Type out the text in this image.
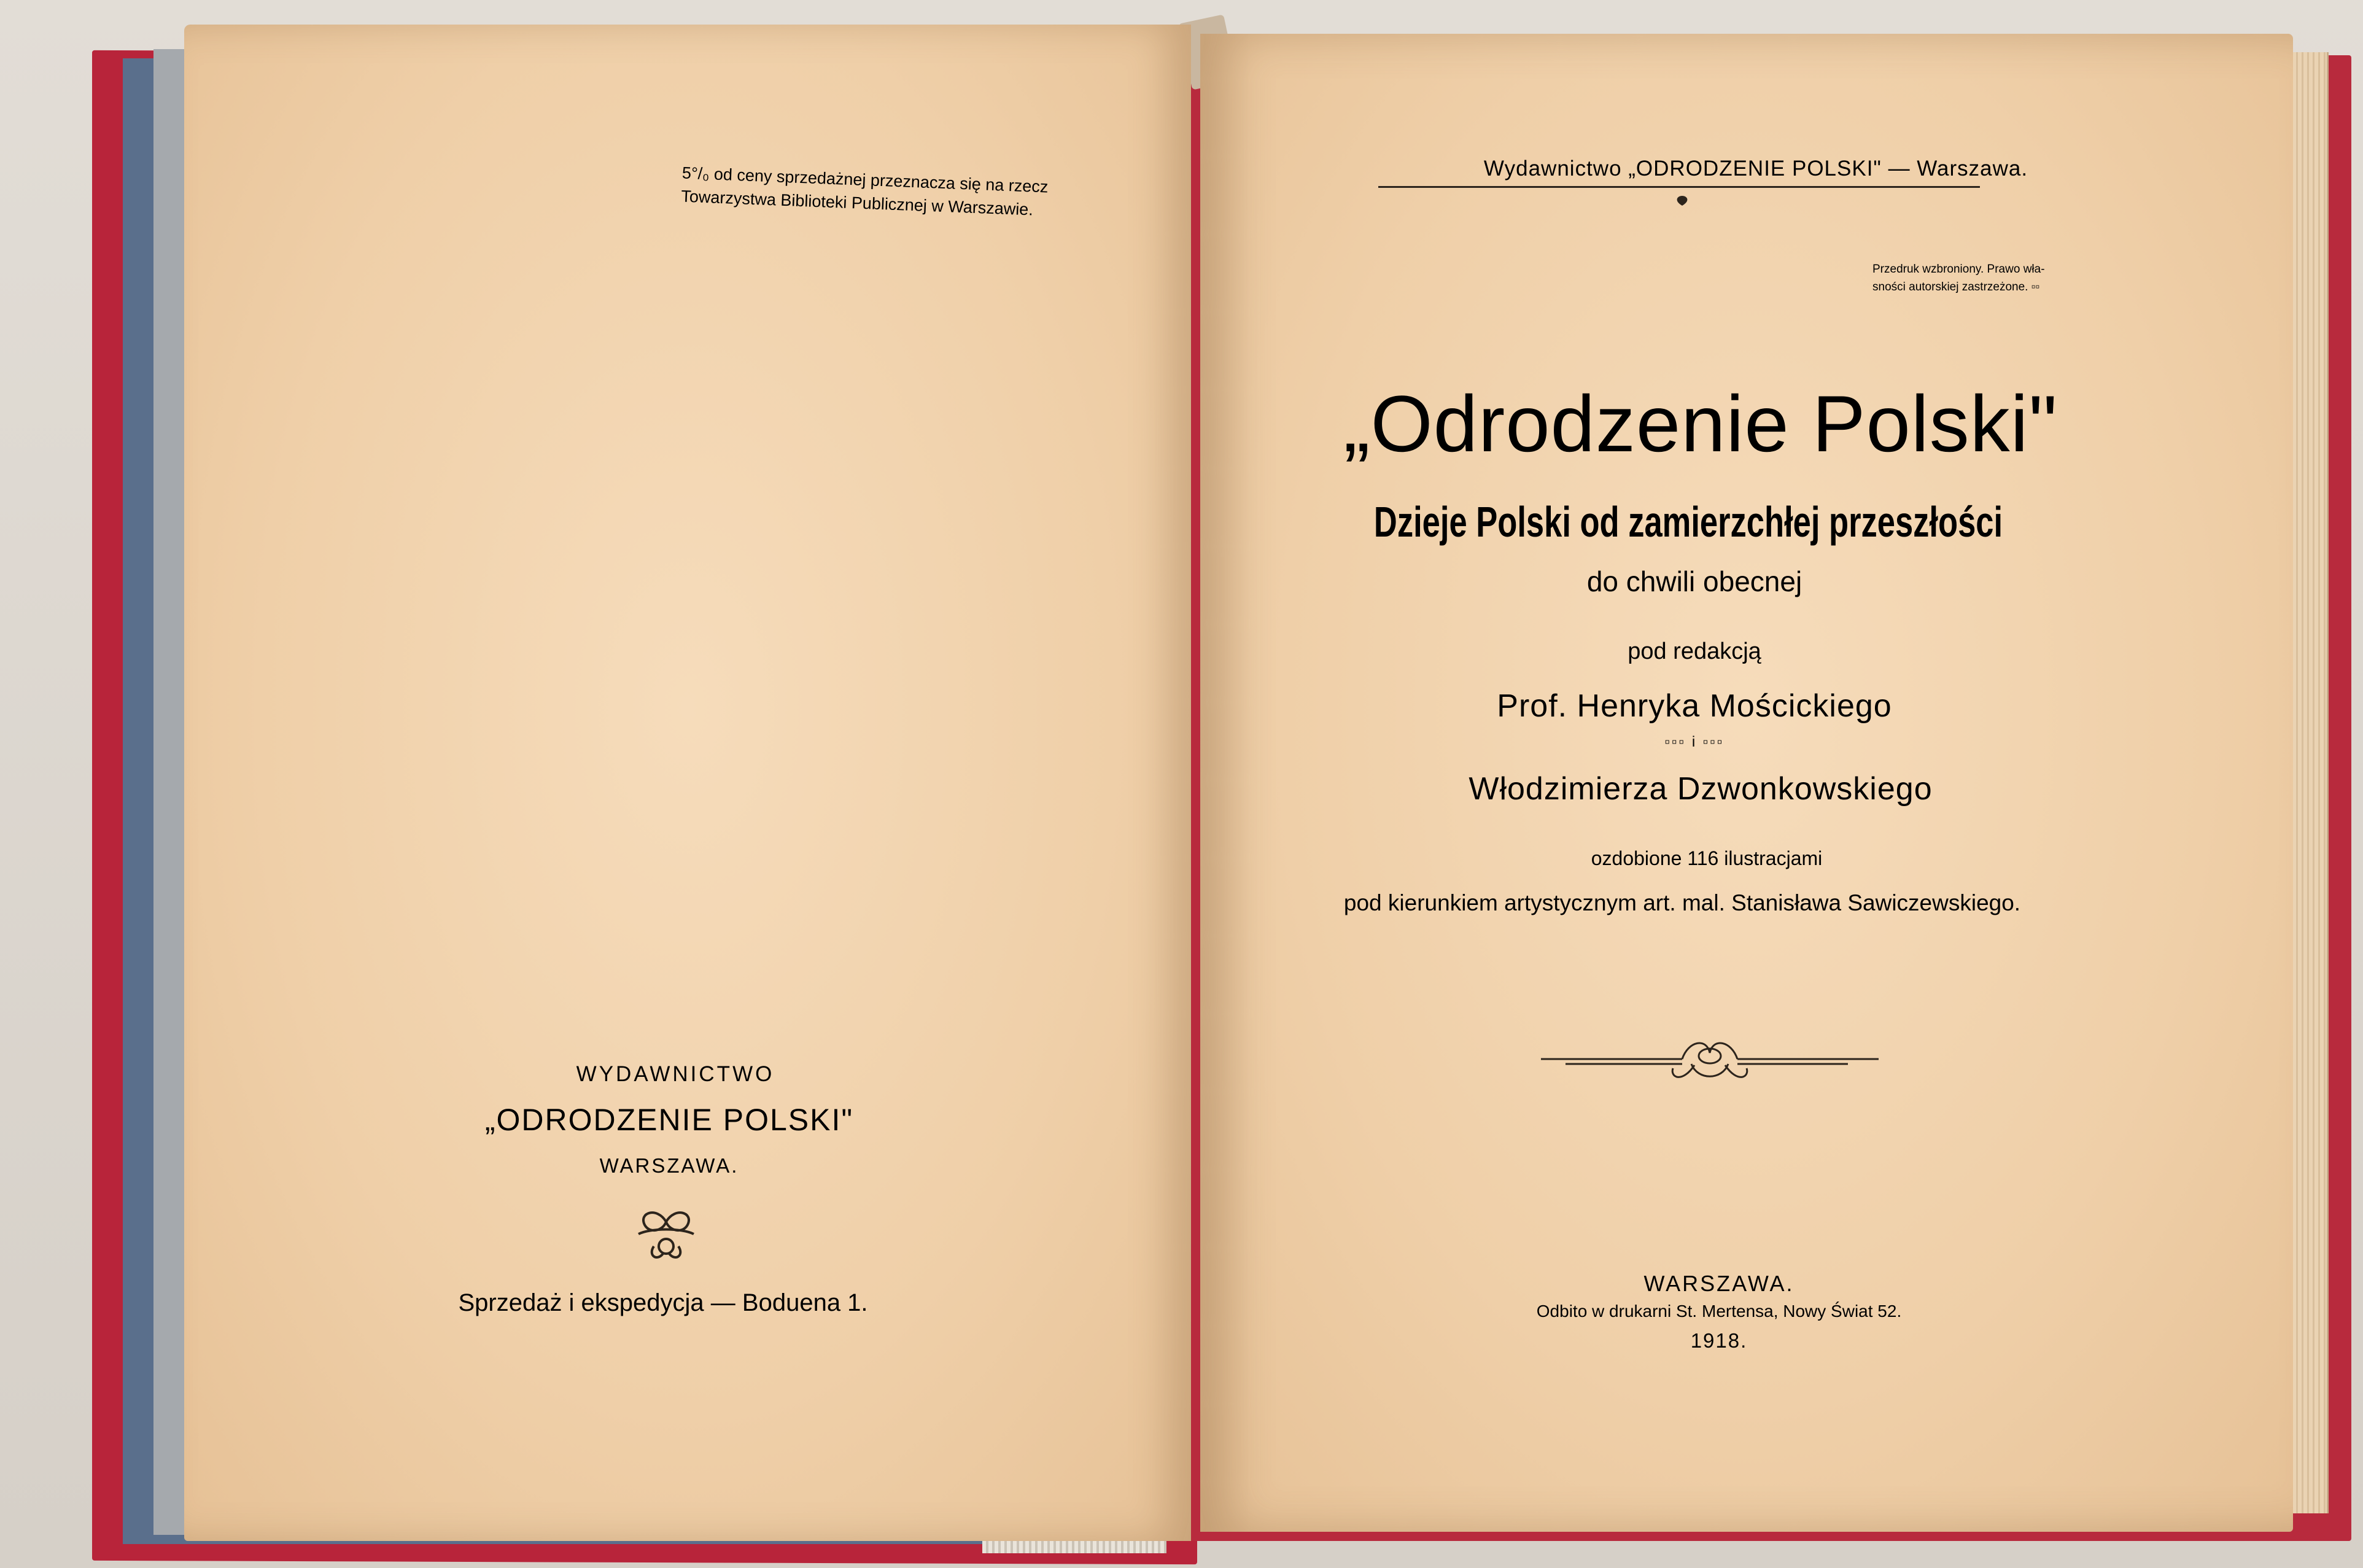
5°/₀ od ceny sprzedażnej przeznacza się na rzecz
Towarzystwa Biblioteki Publicznej w Warszawie.
WYDAWNICTWO
„ODRODZENIE POLSKI"
WARSZAWA.
Sprzedaż i ekspedycja — Boduena 1.
Wydawnictwo „ODRODZENIE POLSKI" — Warszawa.
Przedruk wzbroniony. Prawo wła-
sności autorskiej zastrzeżone. ▫▫
„Odrodzenie Polski"
Dzieje Polski od zamierzchłej przeszłości
do chwili obecnej
pod redakcją
Prof. Henryka Mościckiego
▫▫▫ i ▫▫▫
Włodzimierza Dzwonkowskiego
ozdobione 116 ilustracjami
pod kierunkiem artystycznym art. mal. Stanisława Sawiczewskiego.
WARSZAWA.
Odbito w drukarni St. Mertensa, Nowy Świat 52.
1918.
